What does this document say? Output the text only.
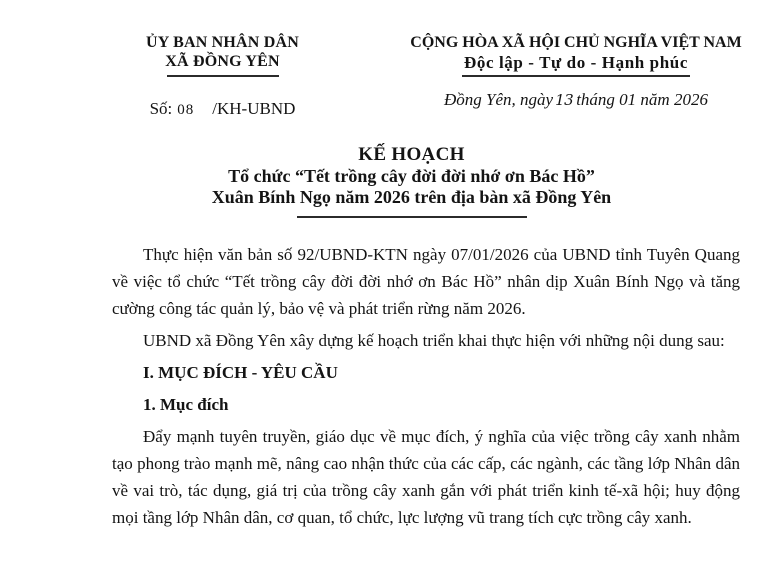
ỦY BAN NHÂN DÂN
XÃ ĐỒNG YÊN
Số: 08 /KH-UBND
CỘNG HÒA XÃ HỘI CHỦ NGHĨA VIỆT NAM
Độc lập - Tự do - Hạnh phúc
Đồng Yên, ngày 13 tháng 01 năm 2026
KẾ HOẠCH
Tổ chức “Tết trồng cây đời đời nhớ ơn Bác Hồ”
Xuân Bính Ngọ năm 2026 trên địa bàn xã Đồng Yên

Thực hiện văn bản số 92/UBND-KTN ngày 07/01/2026 của UBND tỉnh Tuyên Quang về việc tổ chức “Tết trồng cây đời đời nhớ ơn Bác Hồ” nhân dịp Xuân Bính Ngọ và tăng cường công tác quản lý, bảo vệ và phát triển rừng năm 2026.

UBND xã Đồng Yên xây dựng kế hoạch triển khai thực hiện với những nội dung sau:

I. MỤC ĐÍCH - YÊU CẦU

1. Mục đích

Đẩy mạnh tuyên truyền, giáo dục về mục đích, ý nghĩa của việc trồng cây xanh nhằm tạo phong trào mạnh mẽ, nâng cao nhận thức của các cấp, các ngành, các tầng lớp Nhân dân về vai trò, tác dụng, giá trị của trồng cây xanh gắn với phát triển kinh tế-xã hội; huy động mọi tầng lớp Nhân dân, cơ quan, tổ chức, lực lượng vũ trang tích cực trồng cây xanh.
